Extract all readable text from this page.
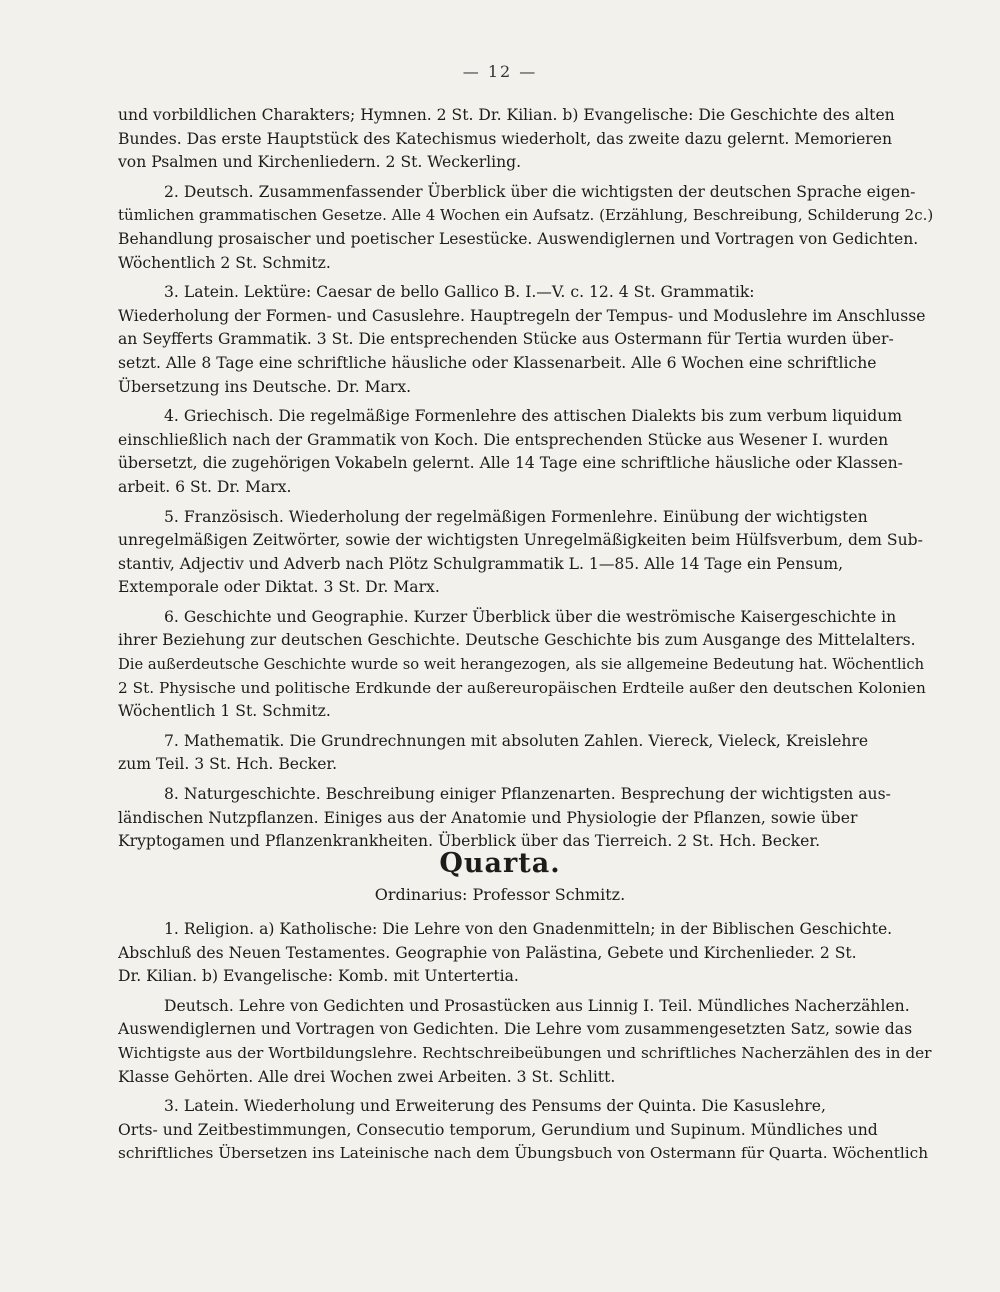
— 12 —
und vorbildlichen Charakters; Hymnen. 2 St. Dr. Kilian. b) Evangelische: Die Geschichte des alten
Bundes. Das erste Hauptstück des Katechismus wiederholt, das zweite dazu gelernt. Memorieren
von Psalmen und Kirchenliedern. 2 St. Weckerling.
2. Deutsch. Zusammenfassender Überblick über die wichtigsten der deutschen Sprache eigen-
tümlichen grammatischen Gesetze. Alle 4 Wochen ein Aufsatz. (Erzählung, Beschreibung, Schilderung 2c.)
Behandlung prosaischer und poetischer Lesestücke. Auswendiglernen und Vortragen von Gedichten.
Wöchentlich 2 St. Schmitz.
3. Latein. Lektüre: Caesar de bello Gallico B. I.—V. c. 12. 4 St. Grammatik:
Wiederholung der Formen- und Casuslehre. Hauptregeln der Tempus- und Moduslehre im Anschlusse
an Seyfferts Grammatik. 3 St. Die entsprechenden Stücke aus Ostermann für Tertia wurden über-
setzt. Alle 8 Tage eine schriftliche häusliche oder Klassenarbeit. Alle 6 Wochen eine schriftliche
Übersetzung ins Deutsche. Dr. Marx.
4. Griechisch. Die regelmäßige Formenlehre des attischen Dialekts bis zum verbum liquidum
einschließlich nach der Grammatik von Koch. Die entsprechenden Stücke aus Wesener I. wurden
übersetzt, die zugehörigen Vokabeln gelernt. Alle 14 Tage eine schriftliche häusliche oder Klassen-
arbeit. 6 St. Dr. Marx.
5. Französisch. Wiederholung der regelmäßigen Formenlehre. Einübung der wichtigsten
unregelmäßigen Zeitwörter, sowie der wichtigsten Unregelmäßigkeiten beim Hülfsverbum, dem Sub-
stantiv, Adjectiv und Adverb nach Plötz Schulgrammatik L. 1—85. Alle 14 Tage ein Pensum,
Extemporale oder Diktat. 3 St. Dr. Marx.
6. Geschichte und Geographie. Kurzer Überblick über die weströmische Kaisergeschichte in
ihrer Beziehung zur deutschen Geschichte. Deutsche Geschichte bis zum Ausgange des Mittelalters.
Die außerdeutsche Geschichte wurde so weit herangezogen, als sie allgemeine Bedeutung hat. Wöchentlich
2 St. Physische und politische Erdkunde der außereuropäischen Erdteile außer den deutschen Kolonien
Wöchentlich 1 St. Schmitz.
7. Mathematik. Die Grundrechnungen mit absoluten Zahlen. Viereck, Vieleck, Kreislehre
zum Teil. 3 St. Hch. Becker.
8. Naturgeschichte. Beschreibung einiger Pflanzenarten. Besprechung der wichtigsten aus-
ländischen Nutzpflanzen. Einiges aus der Anatomie und Physiologie der Pflanzen, sowie über
Kryptogamen und Pflanzenkrankheiten. Überblick über das Tierreich. 2 St. Hch. Becker.
Quarta.
Ordinarius: Professor Schmitz.
1. Religion. a) Katholische: Die Lehre von den Gnadenmitteln; in der Biblischen Geschichte.
Abschluß des Neuen Testamentes. Geographie von Palästina, Gebete und Kirchenlieder. 2 St.
Dr. Kilian. b) Evangelische: Komb. mit Untertertia.
Deutsch. Lehre von Gedichten und Prosastücken aus Linnig I. Teil. Mündliches Nacherzählen.
Auswendiglernen und Vortragen von Gedichten. Die Lehre vom zusammengesetzten Satz, sowie das
Wichtigste aus der Wortbildungslehre. Rechtschreibeübungen und schriftliches Nacherzählen des in der
Klasse Gehörten. Alle drei Wochen zwei Arbeiten. 3 St. Schlitt.
3. Latein. Wiederholung und Erweiterung des Pensums der Quinta. Die Kasuslehre,
Orts- und Zeitbestimmungen, Consecutio temporum, Gerundium und Supinum. Mündliches und
schriftliches Übersetzen ins Lateinische nach dem Übungsbuch von Ostermann für Quarta. Wöchentlich
